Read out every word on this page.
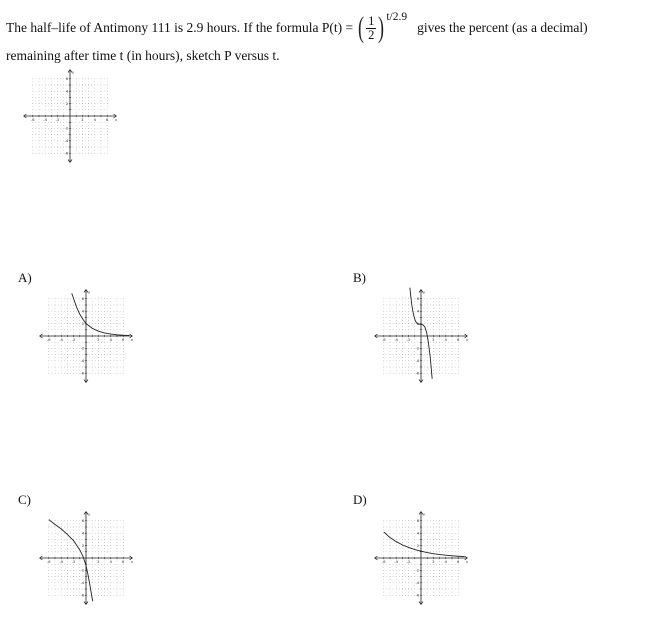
The half–life of Antimony 111 is 2.9 hours. If the formula P(t) = ( $\frac{1}{2}$ ) t/2.9
gives the percent (as a decimal)
remaining after time t (in hours), sketch P versus t.
-6 -4 -2	2	4	6
6
4
2
-2
-4
-6
x
y
A)
-6 -4 -2	2	4	6
6
4
2
-2
-4
-6
x
y
B)
-6 -4 -2	2	4	6
6
4
2
-2
-4
-6
x
y
C)
-6 -4 -2	2	4	6
6
4
2
-2
-4
-6
x
y
D)
-6 -4 -2	2	4	6
6
4
2
-2
-4
-6
x
y
